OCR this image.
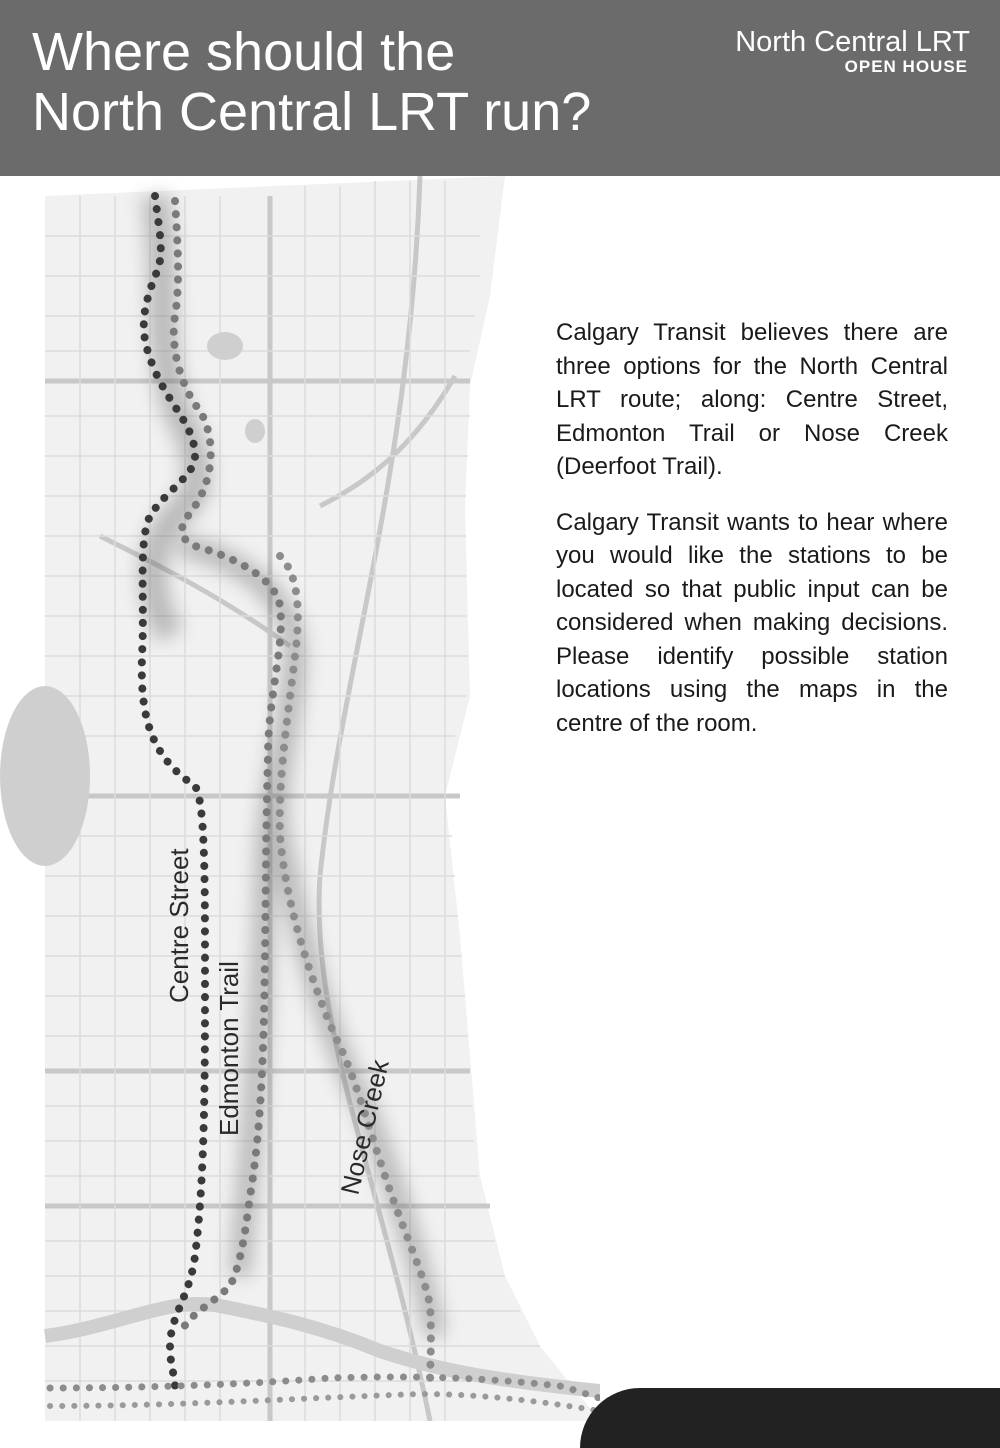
Where should the
North Central LRT run?
North Central LRT
OPEN HOUSE
Centre Street
Edmonton Trail	Nose Creek

Calgary Transit believes there are three options for the North Central LRT route; along: Centre Street, Edmonton Trail or Nose Creek (Deerfoot Trail).

Calgary Transit wants to hear where you would like the stations to be located so that public input can be considered when making decisions. Please identify possible station locations using the maps in the centre of the room.
